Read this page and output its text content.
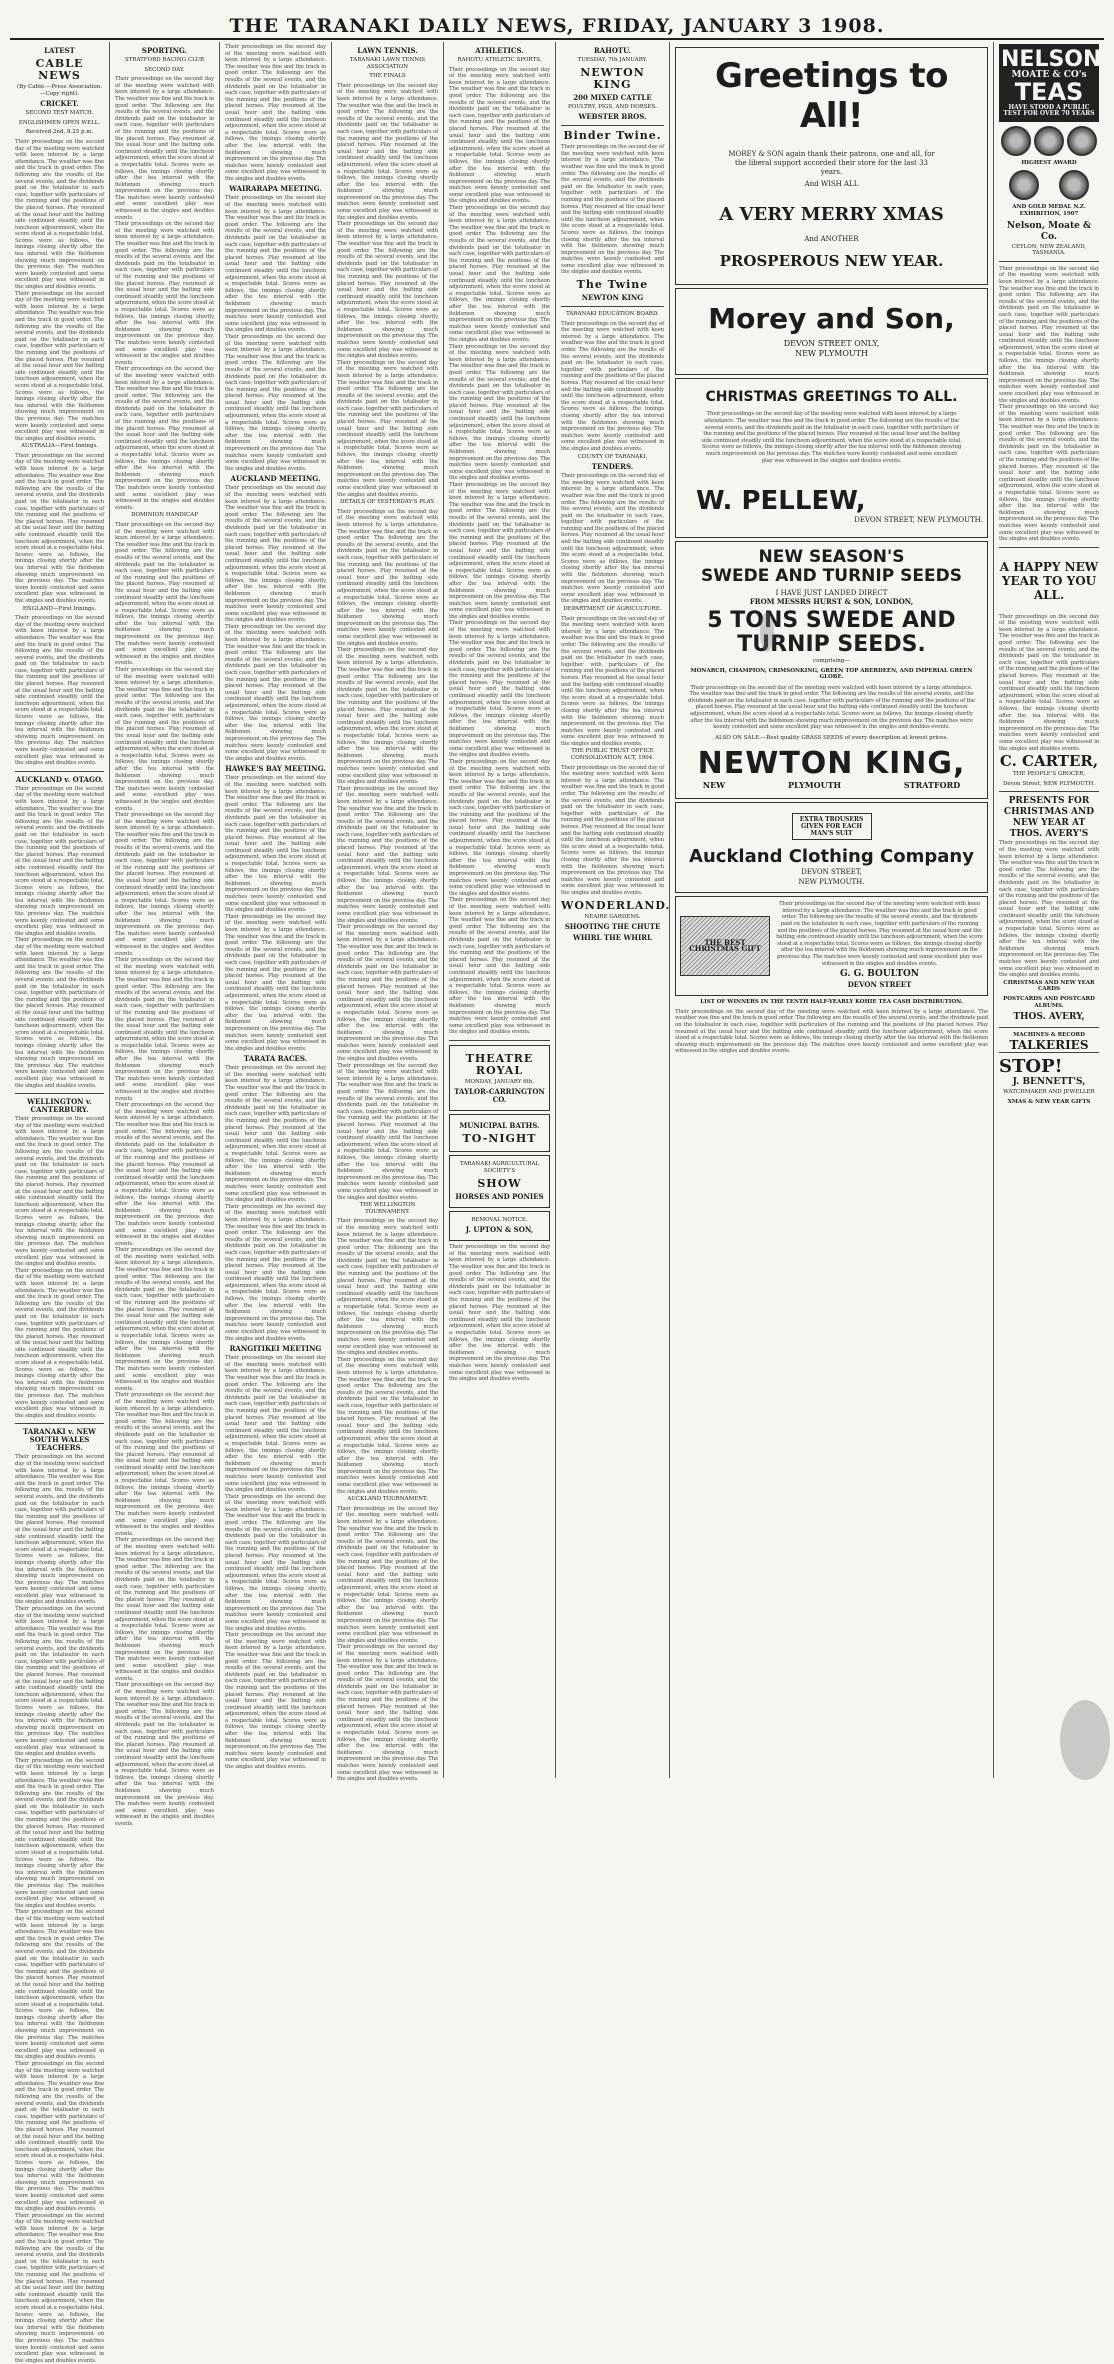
THE TARANAKI DAILY NEWS, FRIDAY, JANUARY 3 1908.
LATEST
CABLE NEWS
(By Cable.—Press Association.—Copy right).
CRICKET.
SECOND TEST MATCH.
ENGLISHMEN OPEN WELL.
Received 2nd, 8.25 p.m.
Their proceedings on the second day of the meeting were watched with keen interest by a large attendance. The weather was fine and the track in good order. The following are the results of the several events, and the dividends paid on the totalisator in each case, together with particulars of the running and the positions of the placed horses. Play resumed at the usual hour and the batting side continued steadily until the luncheon adjournment, when the score stood at a respectable total. Scores were as follows, the innings closing shortly after the tea interval with the fieldsmen showing much improvement on the previous day. The matches were keenly contested and some excellent play was witnessed in the singles and doubles events.
Their proceedings on the second day of the meeting were watched with keen interest by a large attendance. The weather was fine and the track in good order. The following are the results of the several events, and the dividends paid on the totalisator in each case, together with particulars of the running and the positions of the placed horses. Play resumed at the usual hour and the batting side continued steadily until the luncheon adjournment, when the score stood at a respectable total. Scores were as follows, the innings closing shortly after the tea interval with the fieldsmen showing much improvement on the previous day. The matches were keenly contested and some excellent play was witnessed in the singles and doubles events.
AUSTRALIA—First Innings.
Their proceedings on the second day of the meeting were watched with keen interest by a large attendance. The weather was fine and the track in good order. The following are the results of the several events, and the dividends paid on the totalisator in each case, together with particulars of the running and the positions of the placed horses. Play resumed at the usual hour and the batting side continued steadily until the luncheon adjournment, when the score stood at a respectable total. Scores were as follows, the innings closing shortly after the tea interval with the fieldsmen showing much improvement on the previous day. The matches were keenly contested and some excellent play was witnessed in the singles and doubles events.
ENGLAND—First Innings.
Their proceedings on the second day of the meeting were watched with keen interest by a large attendance. The weather was fine and the track in good order. The following are the results of the several events, and the dividends paid on the totalisator in each case, together with particulars of the running and the positions of the placed horses. Play resumed at the usual hour and the batting side continued steadily until the luncheon adjournment, when the score stood at a respectable total. Scores were as follows, the innings closing shortly after the tea interval with the fieldsmen showing much improvement on the previous day. The matches were keenly contested and some excellent play was witnessed in the singles and doubles events.
AUCKLAND v. OTAGO.
Their proceedings on the second day of the meeting were watched with keen interest by a large attendance. The weather was fine and the track in good order. The following are the results of the several events, and the dividends paid on the totalisator in each case, together with particulars of the running and the positions of the placed horses. Play resumed at the usual hour and the batting side continued steadily until the luncheon adjournment, when the score stood at a respectable total. Scores were as follows, the innings closing shortly after the tea interval with the fieldsmen showing much improvement on the previous day. The matches were keenly contested and some excellent play was witnessed in the singles and doubles events.
Their proceedings on the second day of the meeting were watched with keen interest by a large attendance. The weather was fine and the track in good order. The following are the results of the several events, and the dividends paid on the totalisator in each case, together with particulars of the running and the positions of the placed horses. Play resumed at the usual hour and the batting side continued steadily until the luncheon adjournment, when the score stood at a respectable total. Scores were as follows, the innings closing shortly after the tea interval with the fieldsmen showing much improvement on the previous day. The matches were keenly contested and some excellent play was witnessed in the singles and doubles events.
WELLINGTON v. CANTERBURY.
Their proceedings on the second day of the meeting were watched with keen interest by a large attendance. The weather was fine and the track in good order. The following are the results of the several events, and the dividends paid on the totalisator in each case, together with particulars of the running and the positions of the placed horses. Play resumed at the usual hour and the batting side continued steadily until the luncheon adjournment, when the score stood at a respectable total. Scores were as follows, the innings closing shortly after the tea interval with the fieldsmen showing much improvement on the previous day. The matches were keenly contested and some excellent play was witnessed in the singles and doubles events.
Their proceedings on the second day of the meeting were watched with keen interest by a large attendance. The weather was fine and the track in good order. The following are the results of the several events, and the dividends paid on the totalisator in each case, together with particulars of the running and the positions of the placed horses. Play resumed at the usual hour and the batting side continued steadily until the luncheon adjournment, when the score stood at a respectable total. Scores were as follows, the innings closing shortly after the tea interval with the fieldsmen showing much improvement on the previous day. The matches were keenly contested and some excellent play was witnessed in the singles and doubles events.
TARANAKI v. NEW SOUTH WALES TEACHERS.
Their proceedings on the second day of the meeting were watched with keen interest by a large attendance. The weather was fine and the track in good order. The following are the results of the several events, and the dividends paid on the totalisator in each case, together with particulars of the running and the positions of the placed horses. Play resumed at the usual hour and the batting side continued steadily until the luncheon adjournment, when the score stood at a respectable total. Scores were as follows, the innings closing shortly after the tea interval with the fieldsmen showing much improvement on the previous day. The matches were keenly contested and some excellent play was witnessed in the singles and doubles events.
Their proceedings on the second day of the meeting were watched with keen interest by a large attendance. The weather was fine and the track in good order. The following are the results of the several events, and the dividends paid on the totalisator in each case, together with particulars of the running and the positions of the placed horses. Play resumed at the usual hour and the batting side continued steadily until the luncheon adjournment, when the score stood at a respectable total. Scores were as follows, the innings closing shortly after the tea interval with the fieldsmen showing much improvement on the previous day. The matches were keenly contested and some excellent play was witnessed in the singles and doubles events.
Their proceedings on the second day of the meeting were watched with keen interest by a large attendance. The weather was fine and the track in good order. The following are the results of the several events, and the dividends paid on the totalisator in each case, together with particulars of the running and the positions of the placed horses. Play resumed at the usual hour and the batting side continued steadily until the luncheon adjournment, when the score stood at a respectable total. Scores were as follows, the innings closing shortly after the tea interval with the fieldsmen showing much improvement on the previous day. The matches were keenly contested and some excellent play was witnessed in the singles and doubles events.
Their proceedings on the second day of the meeting were watched with keen interest by a large attendance. The weather was fine and the track in good order. The following are the results of the several events, and the dividends paid on the totalisator in each case, together with particulars of the running and the positions of the placed horses. Play resumed at the usual hour and the batting side continued steadily until the luncheon adjournment, when the score stood at a respectable total. Scores were as follows, the innings closing shortly after the tea interval with the fieldsmen showing much improvement on the previous day. The matches were keenly contested and some excellent play was witnessed in the singles and doubles events.
Their proceedings on the second day of the meeting were watched with keen interest by a large attendance. The weather was fine and the track in good order. The following are the results of the several events, and the dividends paid on the totalisator in each case, together with particulars of the running and the positions of the placed horses. Play resumed at the usual hour and the batting side continued steadily until the luncheon adjournment, when the score stood at a respectable total. Scores were as follows, the innings closing shortly after the tea interval with the fieldsmen showing much improvement on the previous day. The matches were keenly contested and some excellent play was witnessed in the singles and doubles events.
Their proceedings on the second day of the meeting were watched with keen interest by a large attendance. The weather was fine and the track in good order. The following are the results of the several events, and the dividends paid on the totalisator in each case, together with particulars of the running and the positions of the placed horses. Play resumed at the usual hour and the batting side continued steadily until the luncheon adjournment, when the score stood at a respectable total. Scores were as follows, the innings closing shortly after the tea interval with the fieldsmen showing much improvement on the previous day. The matches were keenly contested and some excellent play was witnessed in the singles and doubles events.
SPORTING.
STRATFORD RACING CLUB
SECOND DAY.
Their proceedings on the second day of the meeting were watched with keen interest by a large attendance. The weather was fine and the track in good order. The following are the results of the several events, and the dividends paid on the totalisator in each case, together with particulars of the running and the positions of the placed horses. Play resumed at the usual hour and the batting side continued steadily until the luncheon adjournment, when the score stood at a respectable total. Scores were as follows, the innings closing shortly after the tea interval with the fieldsmen showing much improvement on the previous day. The matches were keenly contested and some excellent play was witnessed in the singles and doubles events.
Their proceedings on the second day of the meeting were watched with keen interest by a large attendance. The weather was fine and the track in good order. The following are the results of the several events, and the dividends paid on the totalisator in each case, together with particulars of the running and the positions of the placed horses. Play resumed at the usual hour and the batting side continued steadily until the luncheon adjournment, when the score stood at a respectable total. Scores were as follows, the innings closing shortly after the tea interval with the fieldsmen showing much improvement on the previous day. The matches were keenly contested and some excellent play was witnessed in the singles and doubles events.
Their proceedings on the second day of the meeting were watched with keen interest by a large attendance. The weather was fine and the track in good order. The following are the results of the several events, and the dividends paid on the totalisator in each case, together with particulars of the running and the positions of the placed horses. Play resumed at the usual hour and the batting side continued steadily until the luncheon adjournment, when the score stood at a respectable total. Scores were as follows, the innings closing shortly after the tea interval with the fieldsmen showing much improvement on the previous day. The matches were keenly contested and some excellent play was witnessed in the singles and doubles events.
DOMINION HANDICAP
Their proceedings on the second day of the meeting were watched with keen interest by a large attendance. The weather was fine and the track in good order. The following are the results of the several events, and the dividends paid on the totalisator in each case, together with particulars of the running and the positions of the placed horses. Play resumed at the usual hour and the batting side continued steadily until the luncheon adjournment, when the score stood at a respectable total. Scores were as follows, the innings closing shortly after the tea interval with the fieldsmen showing much improvement on the previous day. The matches were keenly contested and some excellent play was witnessed in the singles and doubles events.
Their proceedings on the second day of the meeting were watched with keen interest by a large attendance. The weather was fine and the track in good order. The following are the results of the several events, and the dividends paid on the totalisator in each case, together with particulars of the running and the positions of the placed horses. Play resumed at the usual hour and the batting side continued steadily until the luncheon adjournment, when the score stood at a respectable total. Scores were as follows, the innings closing shortly after the tea interval with the fieldsmen showing much improvement on the previous day. The matches were keenly contested and some excellent play was witnessed in the singles and doubles events.
Their proceedings on the second day of the meeting were watched with keen interest by a large attendance. The weather was fine and the track in good order. The following are the results of the several events, and the dividends paid on the totalisator in each case, together with particulars of the running and the positions of the placed horses. Play resumed at the usual hour and the batting side continued steadily until the luncheon adjournment, when the score stood at a respectable total. Scores were as follows, the innings closing shortly after the tea interval with the fieldsmen showing much improvement on the previous day. The matches were keenly contested and some excellent play was witnessed in the singles and doubles events.
Their proceedings on the second day of the meeting were watched with keen interest by a large attendance. The weather was fine and the track in good order. The following are the results of the several events, and the dividends paid on the totalisator in each case, together with particulars of the running and the positions of the placed horses. Play resumed at the usual hour and the batting side continued steadily until the luncheon adjournment, when the score stood at a respectable total. Scores were as follows, the innings closing shortly after the tea interval with the fieldsmen showing much improvement on the previous day. The matches were keenly contested and some excellent play was witnessed in the singles and doubles events.
Their proceedings on the second day of the meeting were watched with keen interest by a large attendance. The weather was fine and the track in good order. The following are the results of the several events, and the dividends paid on the totalisator in each case, together with particulars of the running and the positions of the placed horses. Play resumed at the usual hour and the batting side continued steadily until the luncheon adjournment, when the score stood at a respectable total. Scores were as follows, the innings closing shortly after the tea interval with the fieldsmen showing much improvement on the previous day. The matches were keenly contested and some excellent play was witnessed in the singles and doubles events.
Their proceedings on the second day of the meeting were watched with keen interest by a large attendance. The weather was fine and the track in good order. The following are the results of the several events, and the dividends paid on the totalisator in each case, together with particulars of the running and the positions of the placed horses. Play resumed at the usual hour and the batting side continued steadily until the luncheon adjournment, when the score stood at a respectable total. Scores were as follows, the innings closing shortly after the tea interval with the fieldsmen showing much improvement on the previous day. The matches were keenly contested and some excellent play was witnessed in the singles and doubles events.
Their proceedings on the second day of the meeting were watched with keen interest by a large attendance. The weather was fine and the track in good order. The following are the results of the several events, and the dividends paid on the totalisator in each case, together with particulars of the running and the positions of the placed horses. Play resumed at the usual hour and the batting side continued steadily until the luncheon adjournment, when the score stood at a respectable total. Scores were as follows, the innings closing shortly after the tea interval with the fieldsmen showing much improvement on the previous day. The matches were keenly contested and some excellent play was witnessed in the singles and doubles events.
Their proceedings on the second day of the meeting were watched with keen interest by a large attendance. The weather was fine and the track in good order. The following are the results of the several events, and the dividends paid on the totalisator in each case, together with particulars of the running and the positions of the placed horses. Play resumed at the usual hour and the batting side continued steadily until the luncheon adjournment, when the score stood at a respectable total. Scores were as follows, the innings closing shortly after the tea interval with the fieldsmen showing much improvement on the previous day. The matches were keenly contested and some excellent play was witnessed in the singles and doubles events.
Their proceedings on the second day of the meeting were watched with keen interest by a large attendance. The weather was fine and the track in good order. The following are the results of the several events, and the dividends paid on the totalisator in each case, together with particulars of the running and the positions of the placed horses. Play resumed at the usual hour and the batting side continued steadily until the luncheon adjournment, when the score stood at a respectable total. Scores were as follows, the innings closing shortly after the tea interval with the fieldsmen showing much improvement on the previous day. The matches were keenly contested and some excellent play was witnessed in the singles and doubles events.
Their proceedings on the second day of the meeting were watched with keen interest by a large attendance. The weather was fine and the track in good order. The following are the results of the several events, and the dividends paid on the totalisator in each case, together with particulars of the running and the positions of the placed horses. Play resumed at the usual hour and the batting side continued steadily until the luncheon adjournment, when the score stood at a respectable total. Scores were as follows, the innings closing shortly after the tea interval with the fieldsmen showing much improvement on the previous day. The matches were keenly contested and some excellent play was witnessed in the singles and doubles events.
WAIRARAPA MEETING.
Their proceedings on the second day of the meeting were watched with keen interest by a large attendance. The weather was fine and the track in good order. The following are the results of the several events, and the dividends paid on the totalisator in each case, together with particulars of the running and the positions of the placed horses. Play resumed at the usual hour and the batting side continued steadily until the luncheon adjournment, when the score stood at a respectable total. Scores were as follows, the innings closing shortly after the tea interval with the fieldsmen showing much improvement on the previous day. The matches were keenly contested and some excellent play was witnessed in the singles and doubles events.
Their proceedings on the second day of the meeting were watched with keen interest by a large attendance. The weather was fine and the track in good order. The following are the results of the several events, and the dividends paid on the totalisator in each case, together with particulars of the running and the positions of the placed horses. Play resumed at the usual hour and the batting side continued steadily until the luncheon adjournment, when the score stood at a respectable total. Scores were as follows, the innings closing shortly after the tea interval with the fieldsmen showing much improvement on the previous day. The matches were keenly contested and some excellent play was witnessed in the singles and doubles events.
AUCKLAND MEETING.
Their proceedings on the second day of the meeting were watched with keen interest by a large attendance. The weather was fine and the track in good order. The following are the results of the several events, and the dividends paid on the totalisator in each case, together with particulars of the running and the positions of the placed horses. Play resumed at the usual hour and the batting side continued steadily until the luncheon adjournment, when the score stood at a respectable total. Scores were as follows, the innings closing shortly after the tea interval with the fieldsmen showing much improvement on the previous day. The matches were keenly contested and some excellent play was witnessed in the singles and doubles events.
Their proceedings on the second day of the meeting were watched with keen interest by a large attendance. The weather was fine and the track in good order. The following are the results of the several events, and the dividends paid on the totalisator in each case, together with particulars of the running and the positions of the placed horses. Play resumed at the usual hour and the batting side continued steadily until the luncheon adjournment, when the score stood at a respectable total. Scores were as follows, the innings closing shortly after the tea interval with the fieldsmen showing much improvement on the previous day. The matches were keenly contested and some excellent play was witnessed in the singles and doubles events.
HAWKE'S BAY MEETING.
Their proceedings on the second day of the meeting were watched with keen interest by a large attendance. The weather was fine and the track in good order. The following are the results of the several events, and the dividends paid on the totalisator in each case, together with particulars of the running and the positions of the placed horses. Play resumed at the usual hour and the batting side continued steadily until the luncheon adjournment, when the score stood at a respectable total. Scores were as follows, the innings closing shortly after the tea interval with the fieldsmen showing much improvement on the previous day. The matches were keenly contested and some excellent play was witnessed in the singles and doubles events.
Their proceedings on the second day of the meeting were watched with keen interest by a large attendance. The weather was fine and the track in good order. The following are the results of the several events, and the dividends paid on the totalisator in each case, together with particulars of the running and the positions of the placed horses. Play resumed at the usual hour and the batting side continued steadily until the luncheon adjournment, when the score stood at a respectable total. Scores were as follows, the innings closing shortly after the tea interval with the fieldsmen showing much improvement on the previous day. The matches were keenly contested and some excellent play was witnessed in the singles and doubles events.
TARATA RACES.
Their proceedings on the second day of the meeting were watched with keen interest by a large attendance. The weather was fine and the track in good order. The following are the results of the several events, and the dividends paid on the totalisator in each case, together with particulars of the running and the positions of the placed horses. Play resumed at the usual hour and the batting side continued steadily until the luncheon adjournment, when the score stood at a respectable total. Scores were as follows, the innings closing shortly after the tea interval with the fieldsmen showing much improvement on the previous day. The matches were keenly contested and some excellent play was witnessed in the singles and doubles events.
Their proceedings on the second day of the meeting were watched with keen interest by a large attendance. The weather was fine and the track in good order. The following are the results of the several events, and the dividends paid on the totalisator in each case, together with particulars of the running and the positions of the placed horses. Play resumed at the usual hour and the batting side continued steadily until the luncheon adjournment, when the score stood at a respectable total. Scores were as follows, the innings closing shortly after the tea interval with the fieldsmen showing much improvement on the previous day. The matches were keenly contested and some excellent play was witnessed in the singles and doubles events.
RANGITIKEI MEETING
Their proceedings on the second day of the meeting were watched with keen interest by a large attendance. The weather was fine and the track in good order. The following are the results of the several events, and the dividends paid on the totalisator in each case, together with particulars of the running and the positions of the placed horses. Play resumed at the usual hour and the batting side continued steadily until the luncheon adjournment, when the score stood at a respectable total. Scores were as follows, the innings closing shortly after the tea interval with the fieldsmen showing much improvement on the previous day. The matches were keenly contested and some excellent play was witnessed in the singles and doubles events.
Their proceedings on the second day of the meeting were watched with keen interest by a large attendance. The weather was fine and the track in good order. The following are the results of the several events, and the dividends paid on the totalisator in each case, together with particulars of the running and the positions of the placed horses. Play resumed at the usual hour and the batting side continued steadily until the luncheon adjournment, when the score stood at a respectable total. Scores were as follows, the innings closing shortly after the tea interval with the fieldsmen showing much improvement on the previous day. The matches were keenly contested and some excellent play was witnessed in the singles and doubles events.
Their proceedings on the second day of the meeting were watched with keen interest by a large attendance. The weather was fine and the track in good order. The following are the results of the several events, and the dividends paid on the totalisator in each case, together with particulars of the running and the positions of the placed horses. Play resumed at the usual hour and the batting side continued steadily until the luncheon adjournment, when the score stood at a respectable total. Scores were as follows, the innings closing shortly after the tea interval with the fieldsmen showing much improvement on the previous day. The matches were keenly contested and some excellent play was witnessed in the singles and doubles events.
LAWN TENNIS.
TARANAKI LAWN TENNIS ASSOCIATION
THE FINALS
Their proceedings on the second day of the meeting were watched with keen interest by a large attendance. The weather was fine and the track in good order. The following are the results of the several events, and the dividends paid on the totalisator in each case, together with particulars of the running and the positions of the placed horses. Play resumed at the usual hour and the batting side continued steadily until the luncheon adjournment, when the score stood at a respectable total. Scores were as follows, the innings closing shortly after the tea interval with the fieldsmen showing much improvement on the previous day. The matches were keenly contested and some excellent play was witnessed in the singles and doubles events.
Their proceedings on the second day of the meeting were watched with keen interest by a large attendance. The weather was fine and the track in good order. The following are the results of the several events, and the dividends paid on the totalisator in each case, together with particulars of the running and the positions of the placed horses. Play resumed at the usual hour and the batting side continued steadily until the luncheon adjournment, when the score stood at a respectable total. Scores were as follows, the innings closing shortly after the tea interval with the fieldsmen showing much improvement on the previous day. The matches were keenly contested and some excellent play was witnessed in the singles and doubles events.
Their proceedings on the second day of the meeting were watched with keen interest by a large attendance. The weather was fine and the track in good order. The following are the results of the several events, and the dividends paid on the totalisator in each case, together with particulars of the running and the positions of the placed horses. Play resumed at the usual hour and the batting side continued steadily until the luncheon adjournment, when the score stood at a respectable total. Scores were as follows, the innings closing shortly after the tea interval with the fieldsmen showing much improvement on the previous day. The matches were keenly contested and some excellent play was witnessed in the singles and doubles events.
DETAILS OF YESTERDAY'S PLAY.
Their proceedings on the second day of the meeting were watched with keen interest by a large attendance. The weather was fine and the track in good order. The following are the results of the several events, and the dividends paid on the totalisator in each case, together with particulars of the running and the positions of the placed horses. Play resumed at the usual hour and the batting side continued steadily until the luncheon adjournment, when the score stood at a respectable total. Scores were as follows, the innings closing shortly after the tea interval with the fieldsmen showing much improvement on the previous day. The matches were keenly contested and some excellent play was witnessed in the singles and doubles events.
Their proceedings on the second day of the meeting were watched with keen interest by a large attendance. The weather was fine and the track in good order. The following are the results of the several events, and the dividends paid on the totalisator in each case, together with particulars of the running and the positions of the placed horses. Play resumed at the usual hour and the batting side continued steadily until the luncheon adjournment, when the score stood at a respectable total. Scores were as follows, the innings closing shortly after the tea interval with the fieldsmen showing much improvement on the previous day. The matches were keenly contested and some excellent play was witnessed in the singles and doubles events.
Their proceedings on the second day of the meeting were watched with keen interest by a large attendance. The weather was fine and the track in good order. The following are the results of the several events, and the dividends paid on the totalisator in each case, together with particulars of the running and the positions of the placed horses. Play resumed at the usual hour and the batting side continued steadily until the luncheon adjournment, when the score stood at a respectable total. Scores were as follows, the innings closing shortly after the tea interval with the fieldsmen showing much improvement on the previous day. The matches were keenly contested and some excellent play was witnessed in the singles and doubles events.
Their proceedings on the second day of the meeting were watched with keen interest by a large attendance. The weather was fine and the track in good order. The following are the results of the several events, and the dividends paid on the totalisator in each case, together with particulars of the running and the positions of the placed horses. Play resumed at the usual hour and the batting side continued steadily until the luncheon adjournment, when the score stood at a respectable total. Scores were as follows, the innings closing shortly after the tea interval with the fieldsmen showing much improvement on the previous day. The matches were keenly contested and some excellent play was witnessed in the singles and doubles events.
Their proceedings on the second day of the meeting were watched with keen interest by a large attendance. The weather was fine and the track in good order. The following are the results of the several events, and the dividends paid on the totalisator in each case, together with particulars of the running and the positions of the placed horses. Play resumed at the usual hour and the batting side continued steadily until the luncheon adjournment, when the score stood at a respectable total. Scores were as follows, the innings closing shortly after the tea interval with the fieldsmen showing much improvement on the previous day. The matches were keenly contested and some excellent play was witnessed in the singles and doubles events.
THE WELLINGTON TOURNAMENT.
Their proceedings on the second day of the meeting were watched with keen interest by a large attendance. The weather was fine and the track in good order. The following are the results of the several events, and the dividends paid on the totalisator in each case, together with particulars of the running and the positions of the placed horses. Play resumed at the usual hour and the batting side continued steadily until the luncheon adjournment, when the score stood at a respectable total. Scores were as follows, the innings closing shortly after the tea interval with the fieldsmen showing much improvement on the previous day. The matches were keenly contested and some excellent play was witnessed in the singles and doubles events.
Their proceedings on the second day of the meeting were watched with keen interest by a large attendance. The weather was fine and the track in good order. The following are the results of the several events, and the dividends paid on the totalisator in each case, together with particulars of the running and the positions of the placed horses. Play resumed at the usual hour and the batting side continued steadily until the luncheon adjournment, when the score stood at a respectable total. Scores were as follows, the innings closing shortly after the tea interval with the fieldsmen showing much improvement on the previous day. The matches were keenly contested and some excellent play was witnessed in the singles and doubles events.
AUCKLAND TOURNAMENT.
Their proceedings on the second day of the meeting were watched with keen interest by a large attendance. The weather was fine and the track in good order. The following are the results of the several events, and the dividends paid on the totalisator in each case, together with particulars of the running and the positions of the placed horses. Play resumed at the usual hour and the batting side continued steadily until the luncheon adjournment, when the score stood at a respectable total. Scores were as follows, the innings closing shortly after the tea interval with the fieldsmen showing much improvement on the previous day. The matches were keenly contested and some excellent play was witnessed in the singles and doubles events.
Their proceedings on the second day of the meeting were watched with keen interest by a large attendance. The weather was fine and the track in good order. The following are the results of the several events, and the dividends paid on the totalisator in each case, together with particulars of the running and the positions of the placed horses. Play resumed at the usual hour and the batting side continued steadily until the luncheon adjournment, when the score stood at a respectable total. Scores were as follows, the innings closing shortly after the tea interval with the fieldsmen showing much improvement on the previous day. The matches were keenly contested and some excellent play was witnessed in the singles and doubles events.
ATHLETICS.
RAHOTU ATHLETIC SPORTS.
Their proceedings on the second day of the meeting were watched with keen interest by a large attendance. The weather was fine and the track in good order. The following are the results of the several events, and the dividends paid on the totalisator in each case, together with particulars of the running and the positions of the placed horses. Play resumed at the usual hour and the batting side continued steadily until the luncheon adjournment, when the score stood at a respectable total. Scores were as follows, the innings closing shortly after the tea interval with the fieldsmen showing much improvement on the previous day. The matches were keenly contested and some excellent play was witnessed in the singles and doubles events.
Their proceedings on the second day of the meeting were watched with keen interest by a large attendance. The weather was fine and the track in good order. The following are the results of the several events, and the dividends paid on the totalisator in each case, together with particulars of the running and the positions of the placed horses. Play resumed at the usual hour and the batting side continued steadily until the luncheon adjournment, when the score stood at a respectable total. Scores were as follows, the innings closing shortly after the tea interval with the fieldsmen showing much improvement on the previous day. The matches were keenly contested and some excellent play was witnessed in the singles and doubles events.
Their proceedings on the second day of the meeting were watched with keen interest by a large attendance. The weather was fine and the track in good order. The following are the results of the several events, and the dividends paid on the totalisator in each case, together with particulars of the running and the positions of the placed horses. Play resumed at the usual hour and the batting side continued steadily until the luncheon adjournment, when the score stood at a respectable total. Scores were as follows, the innings closing shortly after the tea interval with the fieldsmen showing much improvement on the previous day. The matches were keenly contested and some excellent play was witnessed in the singles and doubles events.
Their proceedings on the second day of the meeting were watched with keen interest by a large attendance. The weather was fine and the track in good order. The following are the results of the several events, and the dividends paid on the totalisator in each case, together with particulars of the running and the positions of the placed horses. Play resumed at the usual hour and the batting side continued steadily until the luncheon adjournment, when the score stood at a respectable total. Scores were as follows, the innings closing shortly after the tea interval with the fieldsmen showing much improvement on the previous day. The matches were keenly contested and some excellent play was witnessed in the singles and doubles events.
Their proceedings on the second day of the meeting were watched with keen interest by a large attendance. The weather was fine and the track in good order. The following are the results of the several events, and the dividends paid on the totalisator in each case, together with particulars of the running and the positions of the placed horses. Play resumed at the usual hour and the batting side continued steadily until the luncheon adjournment, when the score stood at a respectable total. Scores were as follows, the innings closing shortly after the tea interval with the fieldsmen showing much improvement on the previous day. The matches were keenly contested and some excellent play was witnessed in the singles and doubles events.
Their proceedings on the second day of the meeting were watched with keen interest by a large attendance. The weather was fine and the track in good order. The following are the results of the several events, and the dividends paid on the totalisator in each case, together with particulars of the running and the positions of the placed horses. Play resumed at the usual hour and the batting side continued steadily until the luncheon adjournment, when the score stood at a respectable total. Scores were as follows, the innings closing shortly after the tea interval with the fieldsmen showing much improvement on the previous day. The matches were keenly contested and some excellent play was witnessed in the singles and doubles events.
Their proceedings on the second day of the meeting were watched with keen interest by a large attendance. The weather was fine and the track in good order. The following are the results of the several events, and the dividends paid on the totalisator in each case, together with particulars of the running and the positions of the placed horses. Play resumed at the usual hour and the batting side continued steadily until the luncheon adjournment, when the score stood at a respectable total. Scores were as follows, the innings closing shortly after the tea interval with the fieldsmen showing much improvement on the previous day. The matches were keenly contested and some excellent play was witnessed in the singles and doubles events.
THEATRE ROYAL
MONDAY, JANUARY 6th.
TAYLOR-CARRINGTON CO.
MUNICIPAL BATHS.
TO-NIGHT
TARANAKI AGRICULTURAL SOCIETY'S
SHOW
HORSES AND PONIES
REMOVAL NOTICE.
J. UPTON & SON,
Their proceedings on the second day of the meeting were watched with keen interest by a large attendance. The weather was fine and the track in good order. The following are the results of the several events, and the dividends paid on the totalisator in each case, together with particulars of the running and the positions of the placed horses. Play resumed at the usual hour and the batting side continued steadily until the luncheon adjournment, when the score stood at a respectable total. Scores were as follows, the innings closing shortly after the tea interval with the fieldsmen showing much improvement on the previous day. The matches were keenly contested and some excellent play was witnessed in the singles and doubles events.
RAHOTU.
TUESDAY, 7th JANUARY.
NEWTON KING
200 MIXED CATTLE
POULTRY, PIGS, AND HORSES.
WEBSTER BROS.
Binder Twine.
Their proceedings on the second day of the meeting were watched with keen interest by a large attendance. The weather was fine and the track in good order. The following are the results of the several events, and the dividends paid on the totalisator in each case, together with particulars of the running and the positions of the placed horses. Play resumed at the usual hour and the batting side continued steadily until the luncheon adjournment, when the score stood at a respectable total. Scores were as follows, the innings closing shortly after the tea interval with the fieldsmen showing much improvement on the previous day. The matches were keenly contested and some excellent play was witnessed in the singles and doubles events.
The Twine
NEWTON KING
TARANAKI EDUCATION BOARD.
Their proceedings on the second day of the meeting were watched with keen interest by a large attendance. The weather was fine and the track in good order. The following are the results of the several events, and the dividends paid on the totalisator in each case, together with particulars of the running and the positions of the placed horses. Play resumed at the usual hour and the batting side continued steadily until the luncheon adjournment, when the score stood at a respectable total. Scores were as follows, the innings closing shortly after the tea interval with the fieldsmen showing much improvement on the previous day. The matches were keenly contested and some excellent play was witnessed in the singles and doubles events.
COUNTY OF TARANAKI.
TENDERS.
Their proceedings on the second day of the meeting were watched with keen interest by a large attendance. The weather was fine and the track in good order. The following are the results of the several events, and the dividends paid on the totalisator in each case, together with particulars of the running and the positions of the placed horses. Play resumed at the usual hour and the batting side continued steadily until the luncheon adjournment, when the score stood at a respectable total. Scores were as follows, the innings closing shortly after the tea interval with the fieldsmen showing much improvement on the previous day. The matches were keenly contested and some excellent play was witnessed in the singles and doubles events.
DEPARTMENT OF AGRICULTURE.
Their proceedings on the second day of the meeting were watched with keen interest by a large attendance. The weather was fine and the track in good order. The following are the results of the several events, and the dividends paid on the totalisator in each case, together with particulars of the running and the positions of the placed horses. Play resumed at the usual hour and the batting side continued steadily until the luncheon adjournment, when the score stood at a respectable total. Scores were as follows, the innings closing shortly after the tea interval with the fieldsmen showing much improvement on the previous day. The matches were keenly contested and some excellent play was witnessed in the singles and doubles events.
THE PUBLIC TRUST OFFICE CONSOLIDATION ACT, 1904.
Their proceedings on the second day of the meeting were watched with keen interest by a large attendance. The weather was fine and the track in good order. The following are the results of the several events, and the dividends paid on the totalisator in each case, together with particulars of the running and the positions of the placed horses. Play resumed at the usual hour and the batting side continued steadily until the luncheon adjournment, when the score stood at a respectable total. Scores were as follows, the innings closing shortly after the tea interval with the fieldsmen showing much improvement on the previous day. The matches were keenly contested and some excellent play was witnessed in the singles and doubles events.
WONDERLAND.
NEAIRE GARDENS.
SHOOTING THE CHUTE
WHIRL THE WHIRL
Greetings to All!
MOREY & SON again thank their patrons, one and all, for the liberal support accorded their store for the last 33 years.
And WISH ALL
A VERY MERRY XMAS
And ANOTHER
PROSPEROUS NEW YEAR.
Morey and Son,
DEVON STREET ONLY,
NEW PLYMOUTH
CHRISTMAS GREETINGS TO ALL.
Their proceedings on the second day of the meeting were watched with keen interest by a large attendance. The weather was fine and the track in good order. The following are the results of the several events, and the dividends paid on the totalisator in each case, together with particulars of the running and the positions of the placed horses. Play resumed at the usual hour and the batting side continued steadily until the luncheon adjournment, when the score stood at a respectable total. Scores were as follows, the innings closing shortly after the tea interval with the fieldsmen showing much improvement on the previous day. The matches were keenly contested and some excellent play was witnessed in the singles and doubles events.
W. PELLEW,
DEVON STREET, NEW PLYMOUTH.
NEW SEASON'S
SWEDE AND TURNIP SEEDS
I HAVE JUST LANDED DIRECT
FROM MESSRS HURST & SON, LONDON,
5 TONS SWEDE AND TURNIP SEEDS.
comprising—
MONARCH, CHAMPION, CRIMSONKING, GREEN TOP ABERDEEN, AND IMPERIAL GREEN GLOBE.
Their proceedings on the second day of the meeting were watched with keen interest by a large attendance. The weather was fine and the track in good order. The following are the results of the several events, and the dividends paid on the totalisator in each case, together with particulars of the running and the positions of the placed horses. Play resumed at the usual hour and the batting side continued steadily until the luncheon adjournment, when the score stood at a respectable total. Scores were as follows, the innings closing shortly after the tea interval with the fieldsmen showing much improvement on the previous day. The matches were keenly contested and some excellent play was witnessed in the singles and doubles events.
ALSO ON SALE.—Best quality GRASS SEEDS of every description at lowest prices.
NEWTON KING,
NEW PLYMOUTH STRATFORD
EXTRA TROUSERS GIVEN FOR EACH MAN'S SUIT
Auckland Clothing Company
DEVON STREET,
NEW PLYMOUTH.
THE BEST CHRISTMAS GIFT
Their proceedings on the second day of the meeting were watched with keen interest by a large attendance. The weather was fine and the track in good order. The following are the results of the several events, and the dividends paid on the totalisator in each case, together with particulars of the running and the positions of the placed horses. Play resumed at the usual hour and the batting side continued steadily until the luncheon adjournment, when the score stood at a respectable total. Scores were as follows, the innings closing shortly after the tea interval with the fieldsmen showing much improvement on the previous day. The matches were keenly contested and some excellent play was witnessed in the singles and doubles events.
G. G. BOULTON
DEVON STREET
LIST OF WINNERS IN THE TENTH HALF-YEARLY KOHIE TEA CASH DISTRIBUTION.
Their proceedings on the second day of the meeting were watched with keen interest by a large attendance. The weather was fine and the track in good order. The following are the results of the several events, and the dividends paid on the totalisator in each case, together with particulars of the running and the positions of the placed horses. Play resumed at the usual hour and the batting side continued steadily until the luncheon adjournment, when the score stood at a respectable total. Scores were as follows, the innings closing shortly after the tea interval with the fieldsmen showing much improvement on the previous day. The matches were keenly contested and some excellent play was witnessed in the singles and doubles events.
NELSON
MOATE & CO's
TEAS
HAVE STOOD A PUBLIC TEST FOR OVER 70 YEARS
HIGHEST AWARD
AND GOLD MEDAL N.Z. EXHIBITION, 1907
Nelson, Moate & Co.
CEYLON, NEW ZEALAND, TASMANIA.
Their proceedings on the second day of the meeting were watched with keen interest by a large attendance. The weather was fine and the track in good order. The following are the results of the several events, and the dividends paid on the totalisator in each case, together with particulars of the running and the positions of the placed horses. Play resumed at the usual hour and the batting side continued steadily until the luncheon adjournment, when the score stood at a respectable total. Scores were as follows, the innings closing shortly after the tea interval with the fieldsmen showing much improvement on the previous day. The matches were keenly contested and some excellent play was witnessed in the singles and doubles events.
Their proceedings on the second day of the meeting were watched with keen interest by a large attendance. The weather was fine and the track in good order. The following are the results of the several events, and the dividends paid on the totalisator in each case, together with particulars of the running and the positions of the placed horses. Play resumed at the usual hour and the batting side continued steadily until the luncheon adjournment, when the score stood at a respectable total. Scores were as follows, the innings closing shortly after the tea interval with the fieldsmen showing much improvement on the previous day. The matches were keenly contested and some excellent play was witnessed in the singles and doubles events.
A HAPPY NEW YEAR TO YOU ALL.
Their proceedings on the second day of the meeting were watched with keen interest by a large attendance. The weather was fine and the track in good order. The following are the results of the several events, and the dividends paid on the totalisator in each case, together with particulars of the running and the positions of the placed horses. Play resumed at the usual hour and the batting side continued steadily until the luncheon adjournment, when the score stood at a respectable total. Scores were as follows, the innings closing shortly after the tea interval with the fieldsmen showing much improvement on the previous day. The matches were keenly contested and some excellent play was witnessed in the singles and doubles events.
C. CARTER,
THE PEOPLE'S GROCER,
Devon Street, NEW PLYMOUTH.
PRESENTS FOR CHRISTMAS AND NEW YEAR AT THOS. AVERY'S
Their proceedings on the second day of the meeting were watched with keen interest by a large attendance. The weather was fine and the track in good order. The following are the results of the several events, and the dividends paid on the totalisator in each case, together with particulars of the running and the positions of the placed horses. Play resumed at the usual hour and the batting side continued steadily until the luncheon adjournment, when the score stood at a respectable total. Scores were as follows, the innings closing shortly after the tea interval with the fieldsmen showing much improvement on the previous day. The matches were keenly contested and some excellent play was witnessed in the singles and doubles events.
CHRISTMAS AND NEW YEAR CARDS
POSTCARDS AND POSTCARD ALBUMS.
THOS. AVERY,
MACHINES & RECORD
TALKERIES
STOP!
J. BENNETT'S,
WATCHMAKER AND JEWELLER
XMAS & NEW YEAR GIFTS
